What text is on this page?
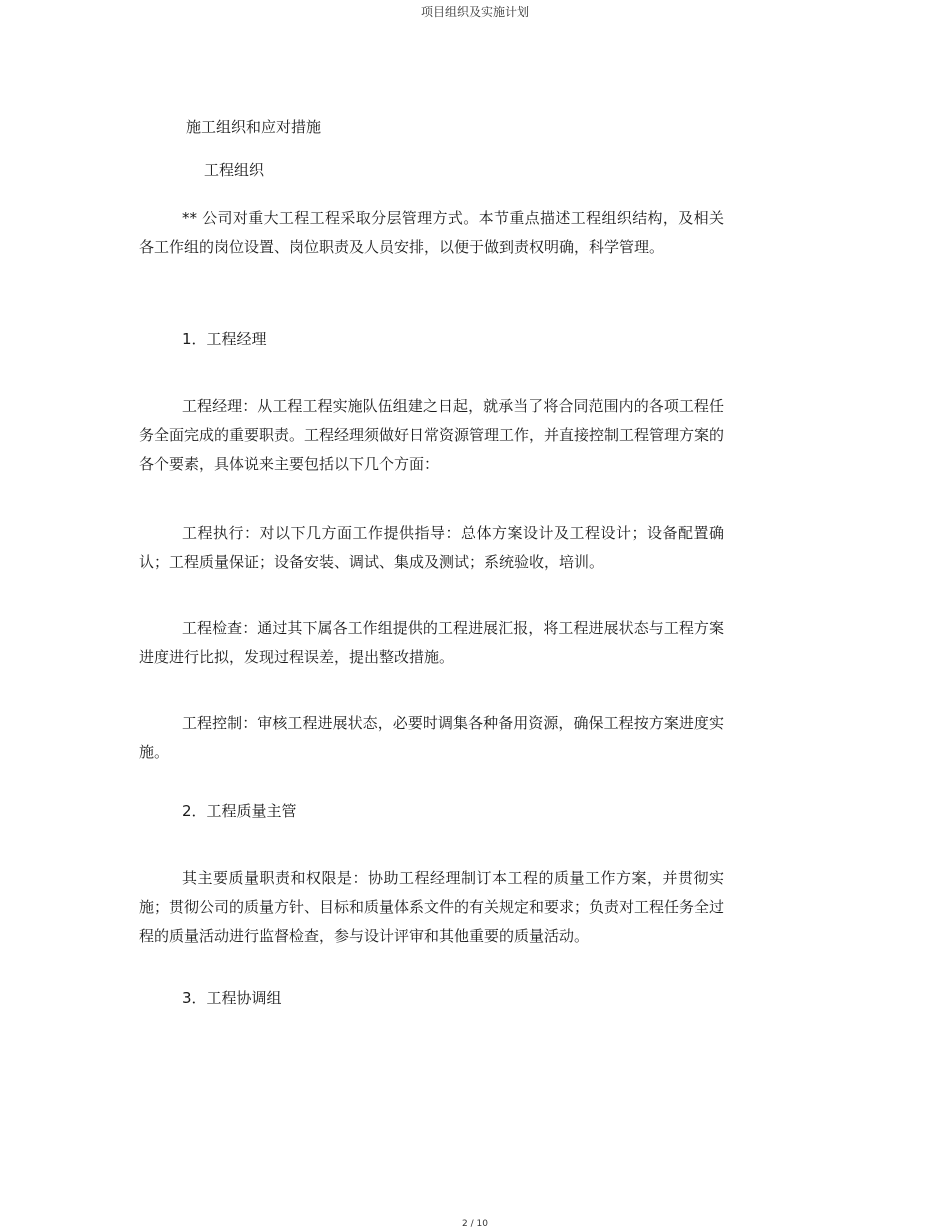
项目组织及实施计划
施工组织和应对措施
工程组织

** 公司对重大工程工程采取分层管理方式。本节重点描述工程组织结构，及相关各工作组的岗位设置、岗位职责及人员安排，以便于做到责权明确，科学管理。

1．工程经理

工程经理：从工程工程实施队伍组建之日起，就承当了将合同范围内的各项工程任务全面完成的重要职责。工程经理须做好日常资源管理工作，并直接控制工程管理方案的各个要素，具体说来主要包括以下几个方面：

工程执行：对以下几方面工作提供指导：总体方案设计及工程设计；设备配置确认；工程质量保证；设备安装、调试、集成及测试；系统验收，培训。

工程检查：通过其下属各工作组提供的工程进展汇报，将工程进展状态与工程方案进度进行比拟，发现过程误差，提出整改措施。

工程控制：审核工程进展状态，必要时调集各种备用资源，确保工程按方案进度实施。

2．工程质量主管

其主要质量职责和权限是：协助工程经理制订本工程的质量工作方案，并贯彻实施；贯彻公司的质量方针、目标和质量体系文件的有关规定和要求；负责对工程任务全过程的质量活动进行监督检查，参与设计评审和其他重要的质量活动。

3．工程协调组
2 / 10
